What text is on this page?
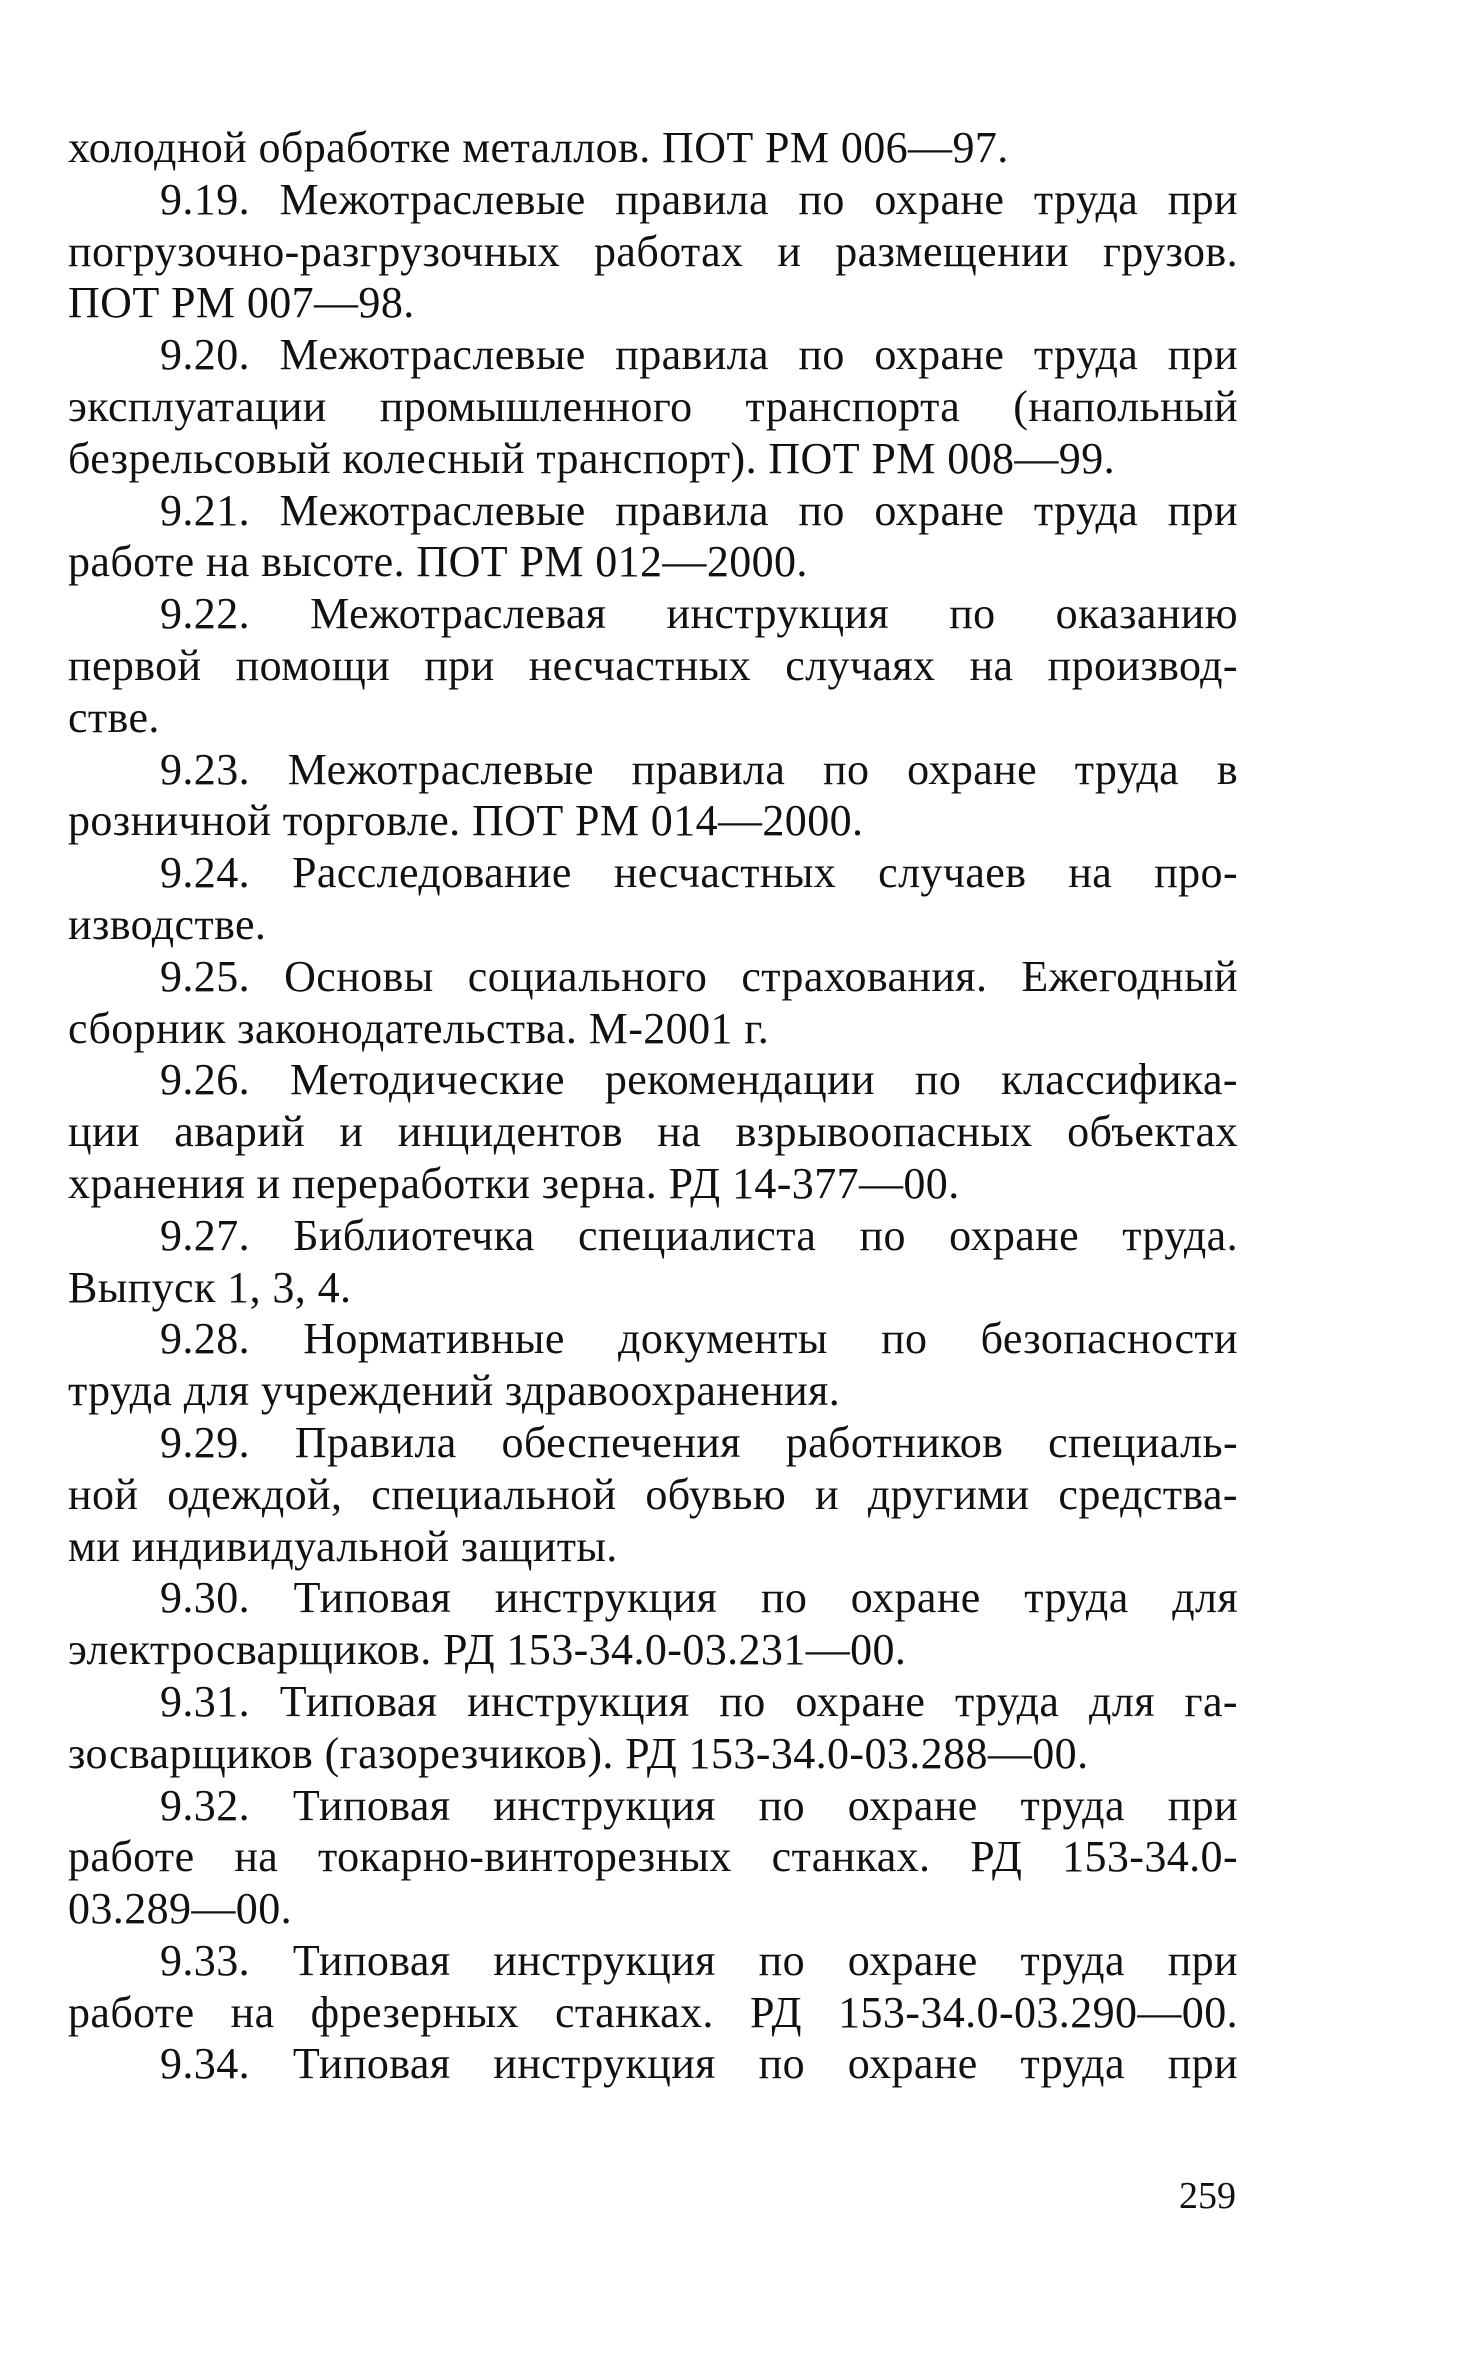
холодной обработке металлов. ПОТ РМ 006—97.
9.19. Межотраслевые правила по охране труда при
погрузочно-разгрузочных работах и размещении грузов.
ПОТ РМ 007—98.
9.20. Межотраслевые правила по охране труда при
эксплуатации промышленного транспорта (напольный
безрельсовый колесный транспорт). ПОТ РМ 008—99.
9.21. Межотраслевые правила по охране труда при
работе на высоте. ПОТ РМ 012—2000.
9.22. Межотраслевая инструкция по оказанию
первой помощи при несчастных случаях на производ-
стве.
9.23. Межотраслевые правила по охране труда в
розничной торговле. ПОТ РМ 014—2000.
9.24. Расследование несчастных случаев на про-
изводстве.
9.25. Основы социального страхования. Ежегодный
сборник законодательства. М-2001 г.
9.26. Методические рекомендации по классифика-
ции аварий и инцидентов на взрывоопасных объектах
хранения и переработки зерна. РД 14-377—00.
9.27. Библиотечка специалиста по охране труда.
Выпуск 1, 3, 4.
9.28. Нормативные документы по безопасности
труда для учреждений здравоохранения.
9.29. Правила обеспечения работников специаль-
ной одеждой, специальной обувью и другими средства-
ми индивидуальной защиты.
9.30. Типовая инструкция по охране труда для
электросварщиков. РД 153-34.0-03.231—00.
9.31. Типовая инструкция по охране труда для га-
зосварщиков (газорезчиков). РД 153-34.0-03.288—00.
9.32. Типовая инструкция по охране труда при
работе на токарно-винторезных станках. РД 153-34.0-
03.289—00.
9.33. Типовая инструкция по охране труда при
работе на фрезерных станках. РД 153-34.0-03.290—00.
9.34. Типовая инструкция по охране труда при
259
